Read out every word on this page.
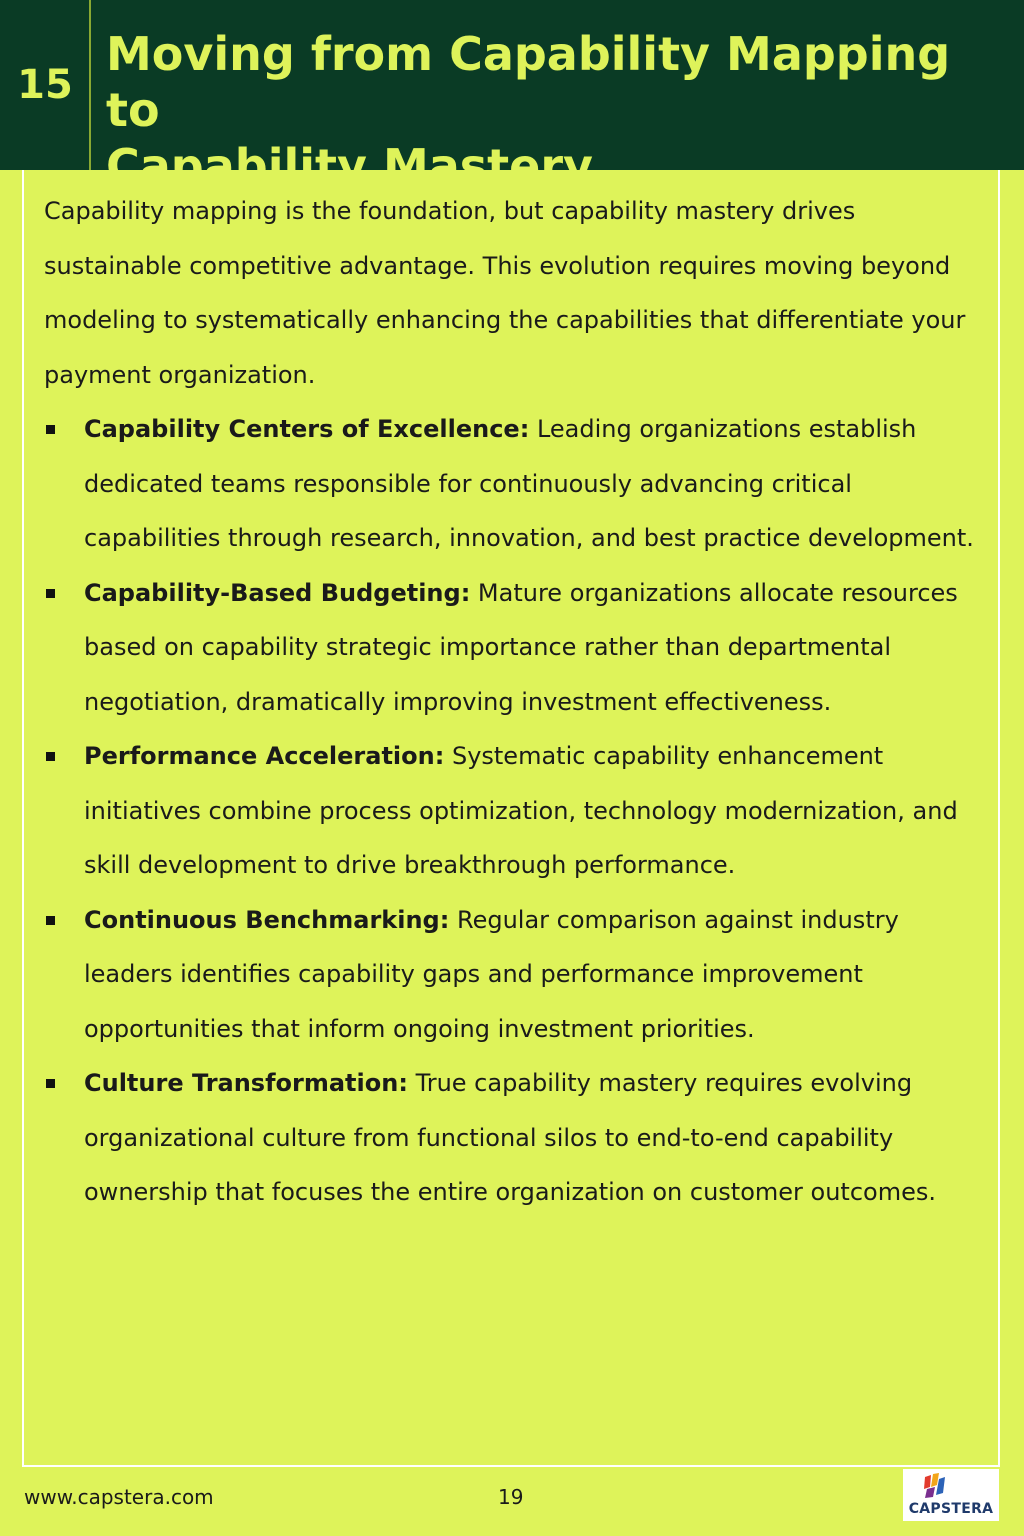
15
Moving from Capability Mapping to
Capability Mastery

Capability mapping is the foundation, but capability mastery drives sustainable competitive advantage. This evolution requires moving beyond modeling to systematically enhancing the capabilities that differentiate your payment organization.

Capability Centers of Excellence: Leading organizations establish dedicated teams responsible for continuously advancing critical capabilities through research, innovation, and best practice development.
Capability-Based Budgeting: Mature organizations allocate resources based on capability strategic importance rather than departmental negotiation, dramatically improving investment effectiveness.
Performance Acceleration: Systematic capability enhancement initiatives combine process optimization, technology modernization, and skill development to drive breakthrough performance.
Continuous Benchmarking: Regular comparison against industry leaders identifies capability gaps and performance improvement opportunities that inform ongoing investment priorities.
Culture Transformation: True capability mastery requires evolving organizational culture from functional silos to end-to-end capability ownership that focuses the entire organization on customer outcomes.
www.capstera.com	19	CAPSTERA
